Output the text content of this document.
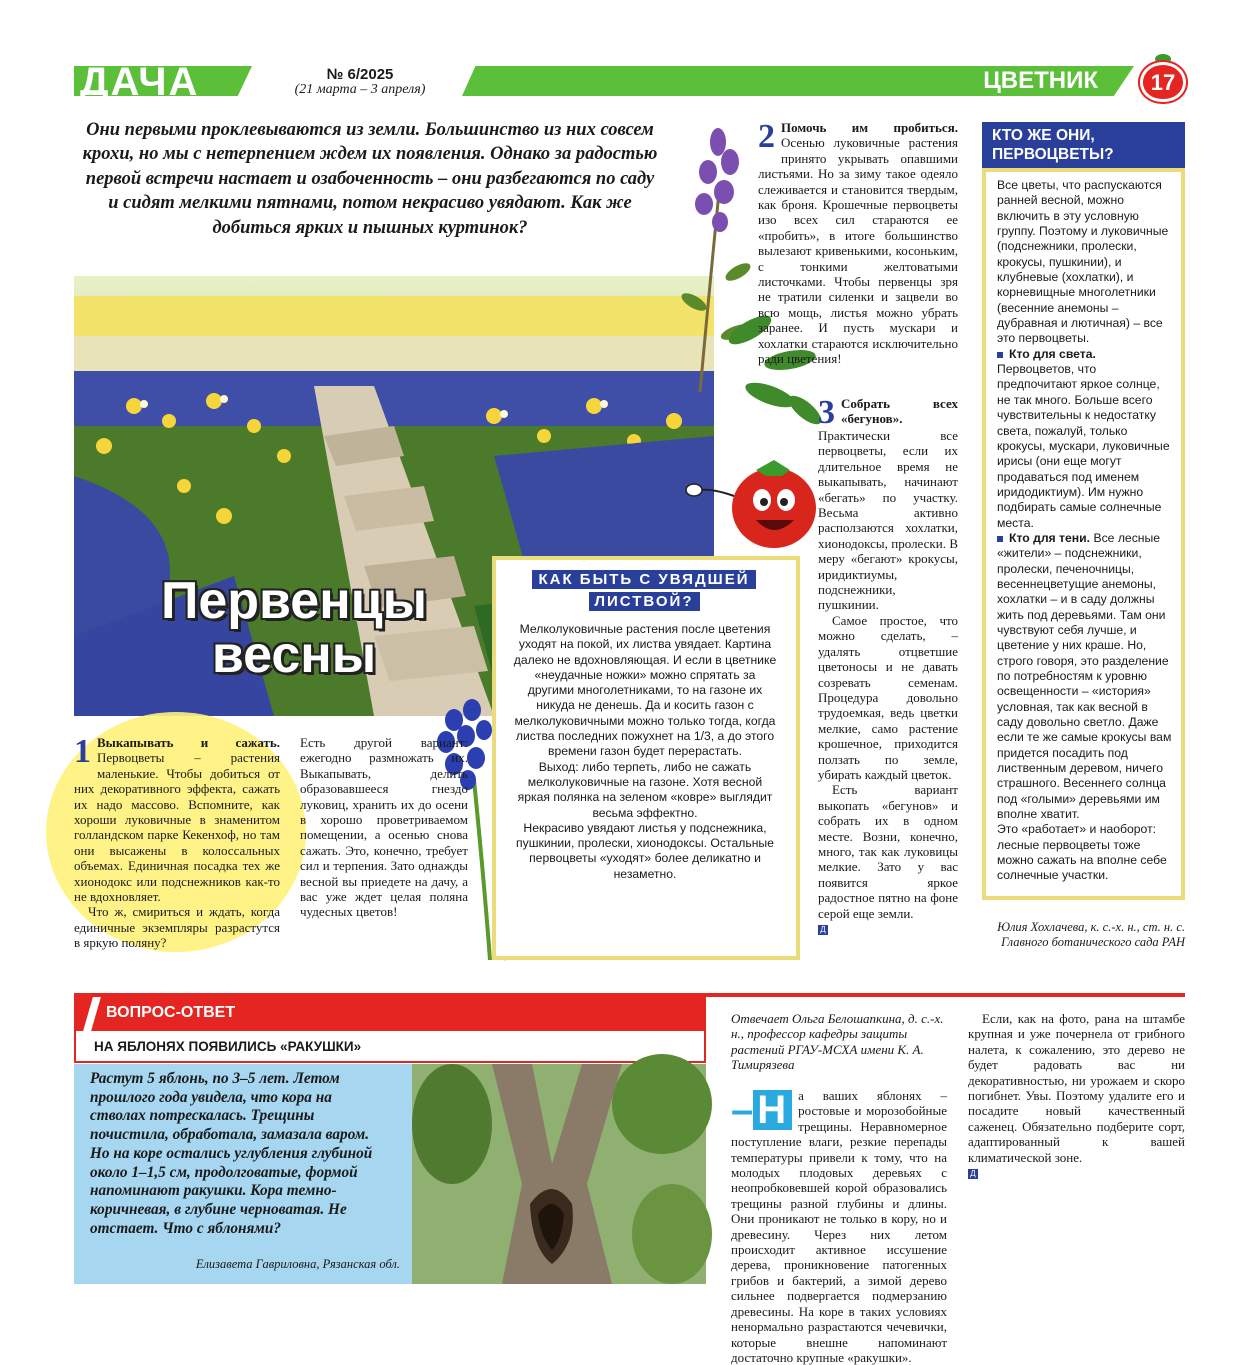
ДАЧА	№ 6/2025
(21 марта – 3 апреля)	ЦВЕТНИК	17
Они первыми проклевываются из земли. Большинство из них совсем крохи, но мы с нетерпением ждем их появления. Однако за радостью первой встречи настает и озабоченность – они разбегаются по саду и сидят мелкими пятнами, потом некрасиво увядают. Как же добиться ярких и пышных куртинок?
Первенцы
весны
1 Выкапывать и сажать. Первоцветы – растения маленькие. Чтобы добиться от них декоративного эффекта, сажать их надо массово. Вспомните, как хороши луковичные в знаменитом голландском парке Кекенхоф, но там они высажены в колоссальных объемах. Единичная посадка тех же хионодокс или подснежников как-то не вдохновляет.

Что ж, смириться и ждать, когда единичные экземпляры разрастутся в яркую поляну?

Есть другой вариант: ежегодно размножать их. Выкапывать, делить образовавшееся гнездо луковиц, хранить их до осени в хорошо проветриваемом помещении, а осенью снова сажать. Это, конечно, требует сил и терпения. Зато однажды весной вы приедете на дачу, а вас уже ждет целая поляна чудесных цветов!

КАК БЫТЬ С УВЯДШЕЙ
ЛИСТВОЙ?

Мелколуковичные растения после цветения уходят на покой, их листва увядает. Картина далеко не вдохновляющая. И если в цветнике «неудачные ножки» можно спрятать за другими многолетниками, то на газоне их никуда не денешь. Да и косить газон с мелколуковичными можно только тогда, когда листва последних пожухнет на 1/3, а до этого времени газон будет перерастать.

Выход: либо терпеть, либо не сажать мелколуковичные на газоне. Хотя весной яркая полянка на зеленом «ковре» выглядит весьма эффектно.

Некрасиво увядают листья у подснежника, пушкинии, пролески, хионодоксы. Остальные первоцветы «уходят» более деликатно и незаметно.

2 Помочь им пробиться. Осенью луковичные растения принято укрывать опавшими листьями. Но за зиму такое одеяло слеживается и становится твердым, как броня. Крошечные первоцветы изо всех сил стараются ее «пробить», в итоге большинство вылезают кривенькими, косоньким, с тонкими желтоватыми листочками. Чтобы первенцы зря не тратили силенки и зацвели во всю мощь, листья можно убрать заранее. И пусть мускари и хохлатки стараются исключительно ради цветения!
3 Собрать всех «бегунов».

Практически все первоцветы, если их длительное время не выкапывать, начинают «бегать» по участку. Весьма активно расползаются хохлатки, хионодоксы, пролески. В меру «бегают» крокусы, иридиктиумы, подснежники, пушкинии.

Самое простое, что можно сделать, – удалять отцветшие цветоносы и не давать созревать семенам. Процедура довольно трудоемкая, ведь цветки мелкие, само растение крошечное, приходится ползать по земле, убирать каждый цветок.

Есть вариант выкопать «бегунов» и собрать их в одном месте. Возни, конечно, много, так как луковицы мелкие. Зато у вас появится яркое радостное пятно на фоне серой еще земли.

Д
КТО ЖЕ ОНИ,
ПЕРВОЦВЕТЫ?

Все цветы, что распускаются ранней весной, можно включить в эту условную группу. Поэтому и луковичные (подснежники, пролески, крокусы, пушкинии), и клубневые (хохлатки), и корневищные многолетники (весенние анемоны – дубравная и лютичная) – все это первоцветы.

Кто для света. Первоцветов, что предпочитают яркое солнце, не так много. Больше всего чувствительны к недостатку света, пожалуй, только крокусы, мускари, луковичные ирисы (они еще могут продаваться под именем иридодиктиум). Им нужно подбирать самые солнечные места.

Кто для тени. Все лесные «жители» – подснежники, пролески, печеночницы, весеннецветущие анемоны, хохлатки – и в саду должны жить под деревьями. Там они чувствуют себя лучше, и цветение у них краше. Но, строго говоря, это разделение по потребностям к уровню освещенности – «история» условная, так как весной в саду довольно светло. Даже если те же самые крокусы вам придется посадить под лиственным деревом, ничего страшного. Весеннего солнца под «голыми» деревьями им вполне хватит.

Это «работает» и наоборот: лесные первоцветы тоже можно сажать на вполне себе солнечные участки.

Юлия Хохлачева, к. с.-х. н., ст. н. с. Главного ботанического сада РАН
ВОПРОС-ОТВЕТ
НА ЯБЛОНЯХ ПОЯВИЛИСЬ «РАКУШКИ»
Растут 5 яблонь, по 3–5 лет. Летом прошлого года увидела, что кора на стволах потрескалась. Трещины почистила, обработала, замазала варом. Но на коре остались углубления глубиной около 1–1,5 см, продолговатые, формой напоминают ракушки. Кора темно-коричневая, в глубине черноватая. Не отстает. Что с яблонями?
Елизавета Гавриловна, Рязанская обл.
Отвечает Ольга Белошапкина, д. с.-х. н., профессор кафедры защиты растений РГАУ-МСХА имени К. А. Тимирязева
– Н а ваших яблонях – ростовые и морозобойные трещины. Неравномерное поступление влаги, резкие перепады температуры привели к тому, что на молодых плодовых деревьях с неопробковевшей корой образовались трещины разной глубины и длины. Они проникают не только в кору, но и древесину. Через них летом происходит активное иссушение дерева, проникновение патогенных грибов и бактерий, а зимой дерево сильнее подвергается подмерзанию древесины. На коре в таких условиях ненормально разрастаются чечевички, которые внешне напоминают достаточно крупные «ракушки».

Если, как на фото, рана на штамбе крупная и уже почернела от грибного налета, к сожалению, это дерево не будет радовать вас ни декоративностью, ни урожаем и скоро погибнет. Увы. Поэтому удалите его и посадите новый качественный саженец. Обязательно подберите сорт, адаптированный к вашей климатической зоне.

Д
